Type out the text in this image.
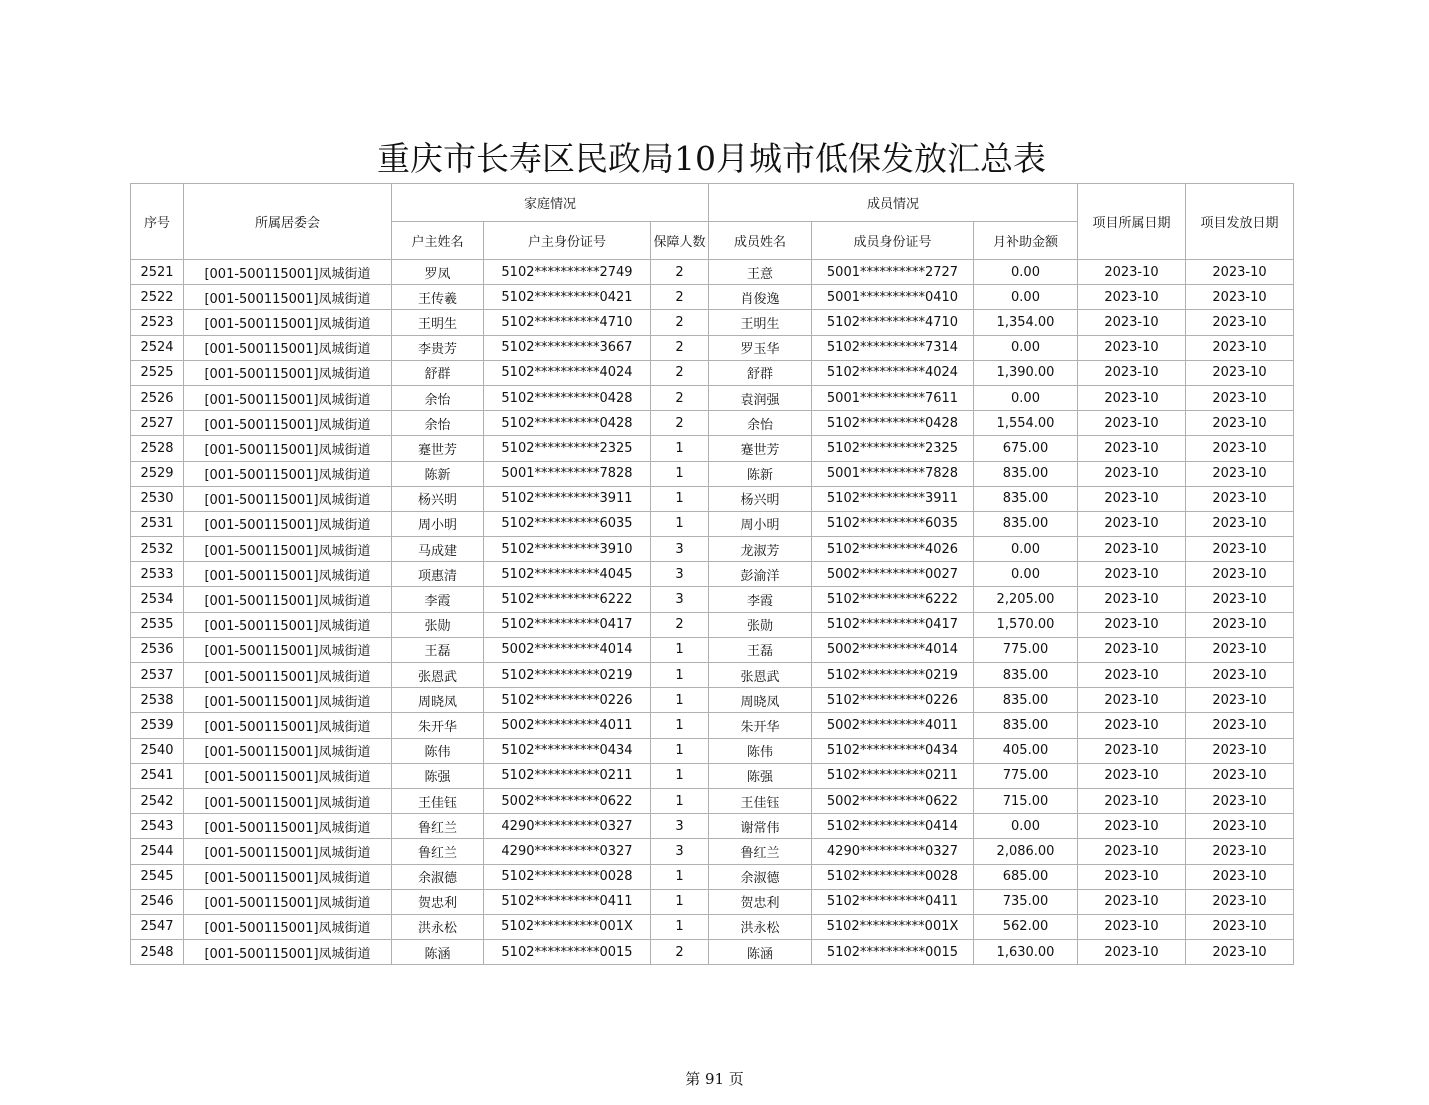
重庆市长寿区民政局10月城市低保发放汇总表
序号	所属居委会	家庭情况			成员情况			项目所属日期	项目发放日期
		户主姓名	户主身份证号	保障人数	成员姓名	成员身份证号	月补助金额		
2521	[001-500115001]凤城街道	罗凤	5102**********2749	2	王意	5001**********2727	0.00	2023-10	2023-10
2522	[001-500115001]凤城街道	王传羲	5102**********0421	2	肖俊逸	5001**********0410	0.00	2023-10	2023-10
2523	[001-500115001]凤城街道	王明生	5102**********4710	2	王明生	5102**********4710	1,354.00	2023-10	2023-10
2524	[001-500115001]凤城街道	李贵芳	5102**********3667	2	罗玉华	5102**********7314	0.00	2023-10	2023-10
2525	[001-500115001]凤城街道	舒群	5102**********4024	2	舒群	5102**********4024	1,390.00	2023-10	2023-10
2526	[001-500115001]凤城街道	余怡	5102**********0428	2	袁润强	5001**********7611	0.00	2023-10	2023-10
2527	[001-500115001]凤城街道	余怡	5102**********0428	2	余怡	5102**********0428	1,554.00	2023-10	2023-10
2528	[001-500115001]凤城街道	蹇世芳	5102**********2325	1	蹇世芳	5102**********2325	675.00	2023-10	2023-10
2529	[001-500115001]凤城街道	陈新	5001**********7828	1	陈新	5001**********7828	835.00	2023-10	2023-10
2530	[001-500115001]凤城街道	杨兴明	5102**********3911	1	杨兴明	5102**********3911	835.00	2023-10	2023-10
2531	[001-500115001]凤城街道	周小明	5102**********6035	1	周小明	5102**********6035	835.00	2023-10	2023-10
2532	[001-500115001]凤城街道	马成建	5102**********3910	3	龙淑芳	5102**********4026	0.00	2023-10	2023-10
2533	[001-500115001]凤城街道	项惠清	5102**********4045	3	彭渝洋	5002**********0027	0.00	2023-10	2023-10
2534	[001-500115001]凤城街道	李霞	5102**********6222	3	李霞	5102**********6222	2,205.00	2023-10	2023-10
2535	[001-500115001]凤城街道	张勋	5102**********0417	2	张勋	5102**********0417	1,570.00	2023-10	2023-10
2536	[001-500115001]凤城街道	王磊	5002**********4014	1	王磊	5002**********4014	775.00	2023-10	2023-10
2537	[001-500115001]凤城街道	张恩武	5102**********0219	1	张恩武	5102**********0219	835.00	2023-10	2023-10
2538	[001-500115001]凤城街道	周晓凤	5102**********0226	1	周晓凤	5102**********0226	835.00	2023-10	2023-10
2539	[001-500115001]凤城街道	朱开华	5002**********4011	1	朱开华	5002**********4011	835.00	2023-10	2023-10
2540	[001-500115001]凤城街道	陈伟	5102**********0434	1	陈伟	5102**********0434	405.00	2023-10	2023-10
2541	[001-500115001]凤城街道	陈强	5102**********0211	1	陈强	5102**********0211	775.00	2023-10	2023-10
2542	[001-500115001]凤城街道	王佳钰	5002**********0622	1	王佳钰	5002**********0622	715.00	2023-10	2023-10
2543	[001-500115001]凤城街道	鲁红兰	4290**********0327	3	谢常伟	5102**********0414	0.00	2023-10	2023-10
2544	[001-500115001]凤城街道	鲁红兰	4290**********0327	3	鲁红兰	4290**********0327	2,086.00	2023-10	2023-10
2545	[001-500115001]凤城街道	余淑德	5102**********0028	1	余淑德	5102**********0028	685.00	2023-10	2023-10
2546	[001-500115001]凤城街道	贺忠利	5102**********0411	1	贺忠利	5102**********0411	735.00	2023-10	2023-10
2547	[001-500115001]凤城街道	洪永松	5102**********001X	1	洪永松	5102**********001X	562.00	2023-10	2023-10
2548	[001-500115001]凤城街道	陈涵	5102**********0015	2	陈涵	5102**********0015	1,630.00	2023-10	2023-10
第 91 页
